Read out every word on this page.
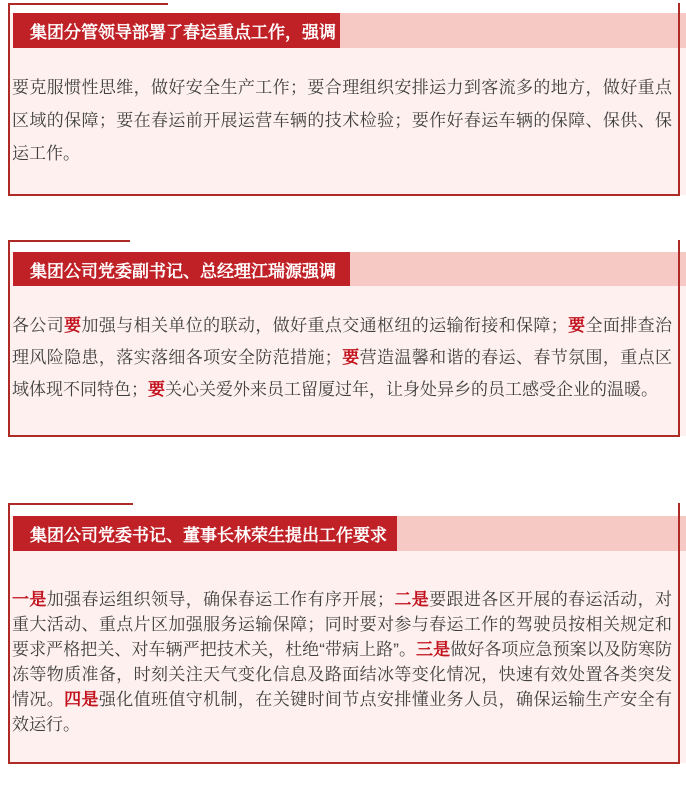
集团分管领导部署了春运重点工作，强调
要克服惯性思维，做好安全生产工作；要合理组织安排运力到客流多的地方，做好重点区域的保障；要在春运前开展运营车辆的技术检验；要作好春运车辆的保障、保供、保运工作。
集团公司党委副书记、总经理江瑞源强调
各公司要加强与相关单位的联动，做好重点交通枢纽的运输衔接和保障；要全面排查治理风险隐患，落实落细各项安全防范措施；要营造温馨和谐的春运、春节氛围，重点区域体现不同特色；要关心关爱外来员工留厦过年，让身处异乡的员工感受企业的温暖。
集团公司党委书记、董事长林荣生提出工作要求
一是加强春运组织领导，确保春运工作有序开展；二是要跟进各区开展的春运活动，对重大活动、重点片区加强服务运输保障；同时要对参与春运工作的驾驶员按相关规定和要求严格把关、对车辆严把技术关，杜绝“带病上路”。三是做好各项应急预案以及防寒防冻等物质准备，时刻关注天气变化信息及路面结冰等变化情况，快速有效处置各类突发情况。四是强化值班值守机制，在关键时间节点安排懂业务人员，确保运输生产安全有效运行。
